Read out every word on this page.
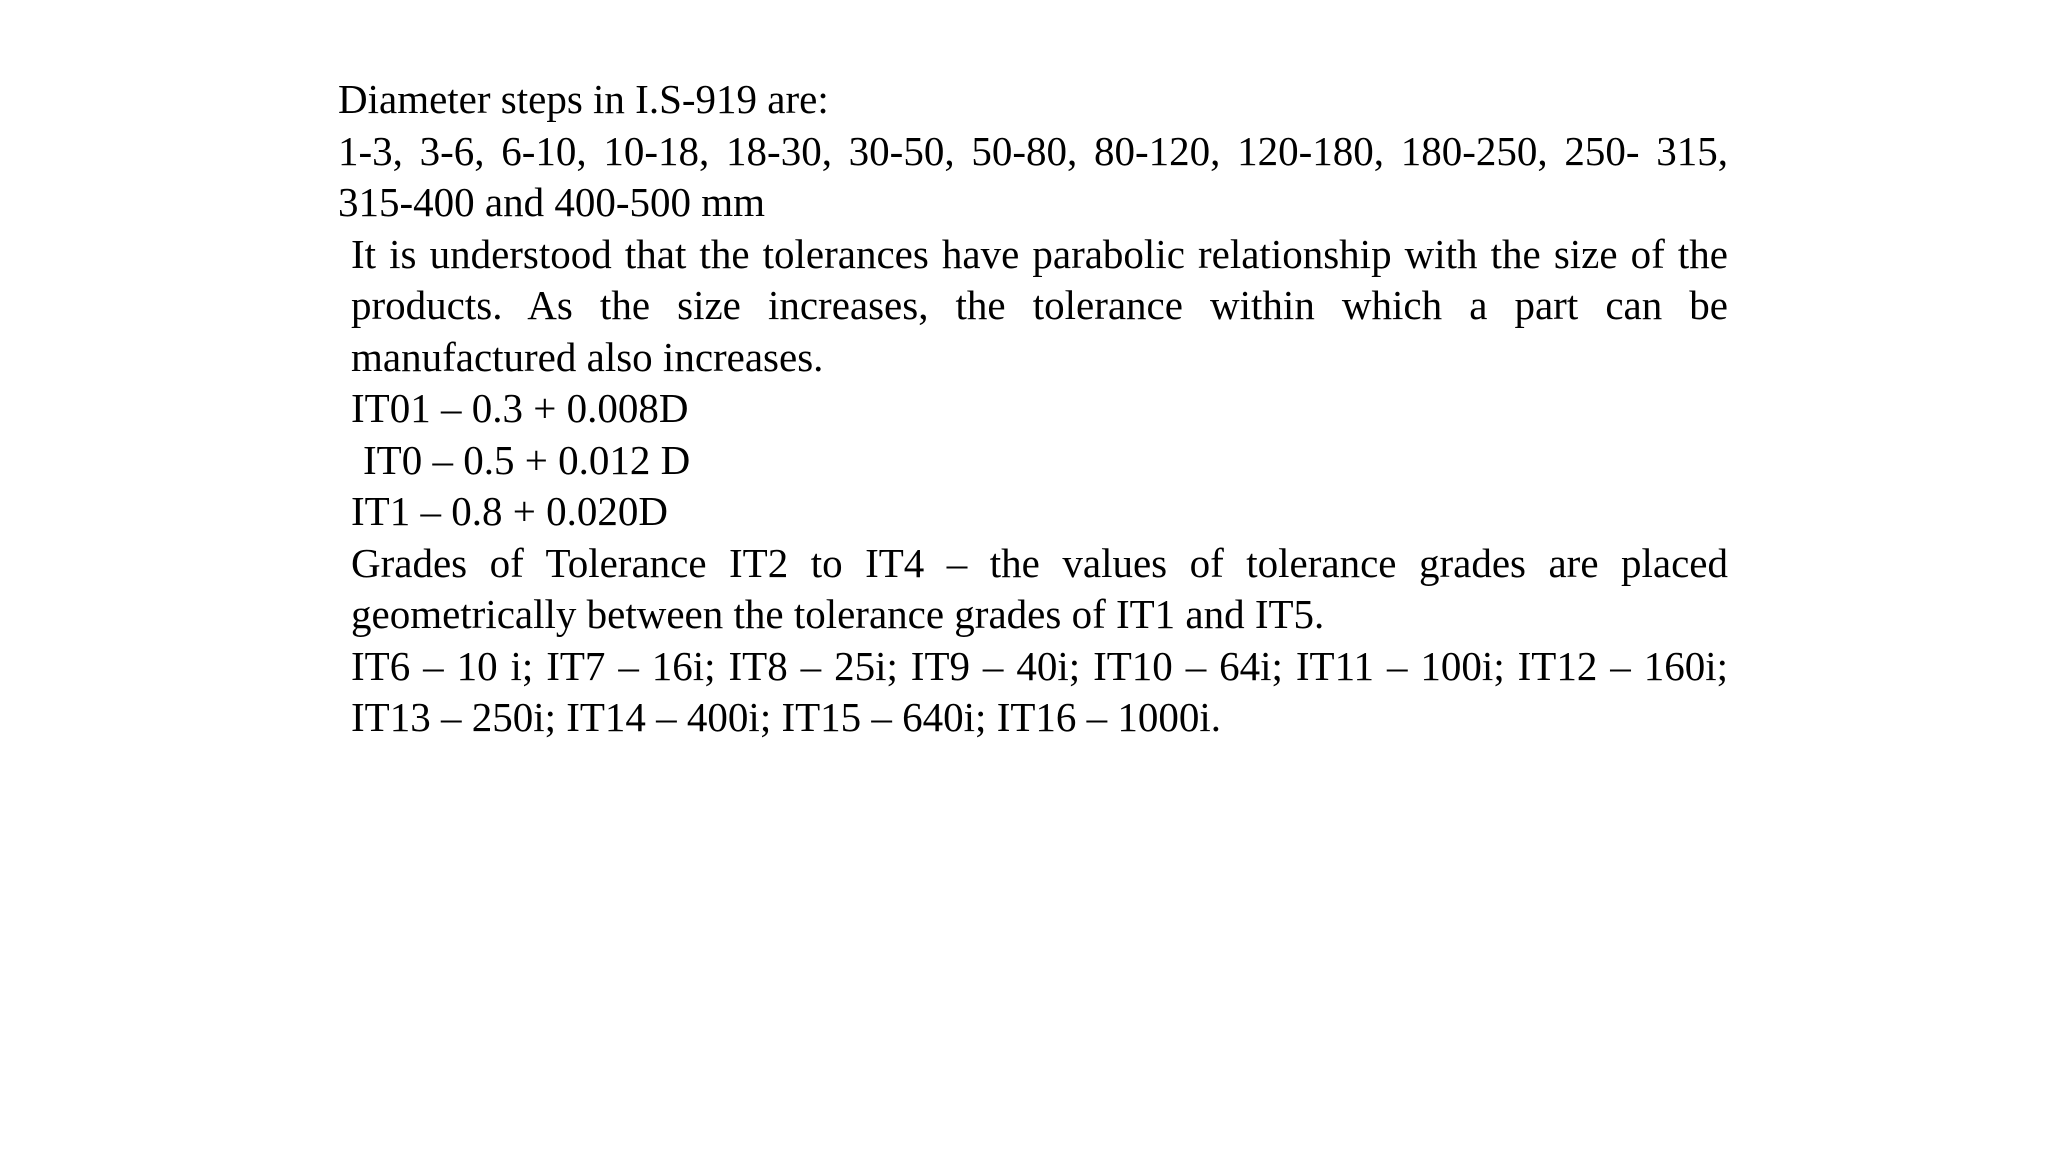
Diameter steps in I.S-919 are:

1-3, 3-6, 6-10, 10-18, 18-30, 30-50, 50-80, 80-120, 120-180, 180-250, 250- 315, 315-400 and 400-500 mm

It is understood that the tolerances have parabolic relationship with the size of the products. As the size increases, the tolerance within which a part can be manufactured also increases.

IT01 – 0.3 + 0.008D

IT0 – 0.5 + 0.012 D

IT1 – 0.8 + 0.020D

Grades of Tolerance IT2 to IT4 – the values of tolerance grades are placed geometrically between the tolerance grades of IT1 and IT5.

IT6 – 10 i; IT7 – 16i; IT8 – 25i; IT9 – 40i; IT10 – 64i; IT11 – 100i; IT12 – 160i; IT13 – 250i; IT14 – 400i; IT15 – 640i; IT16 – 1000i.
